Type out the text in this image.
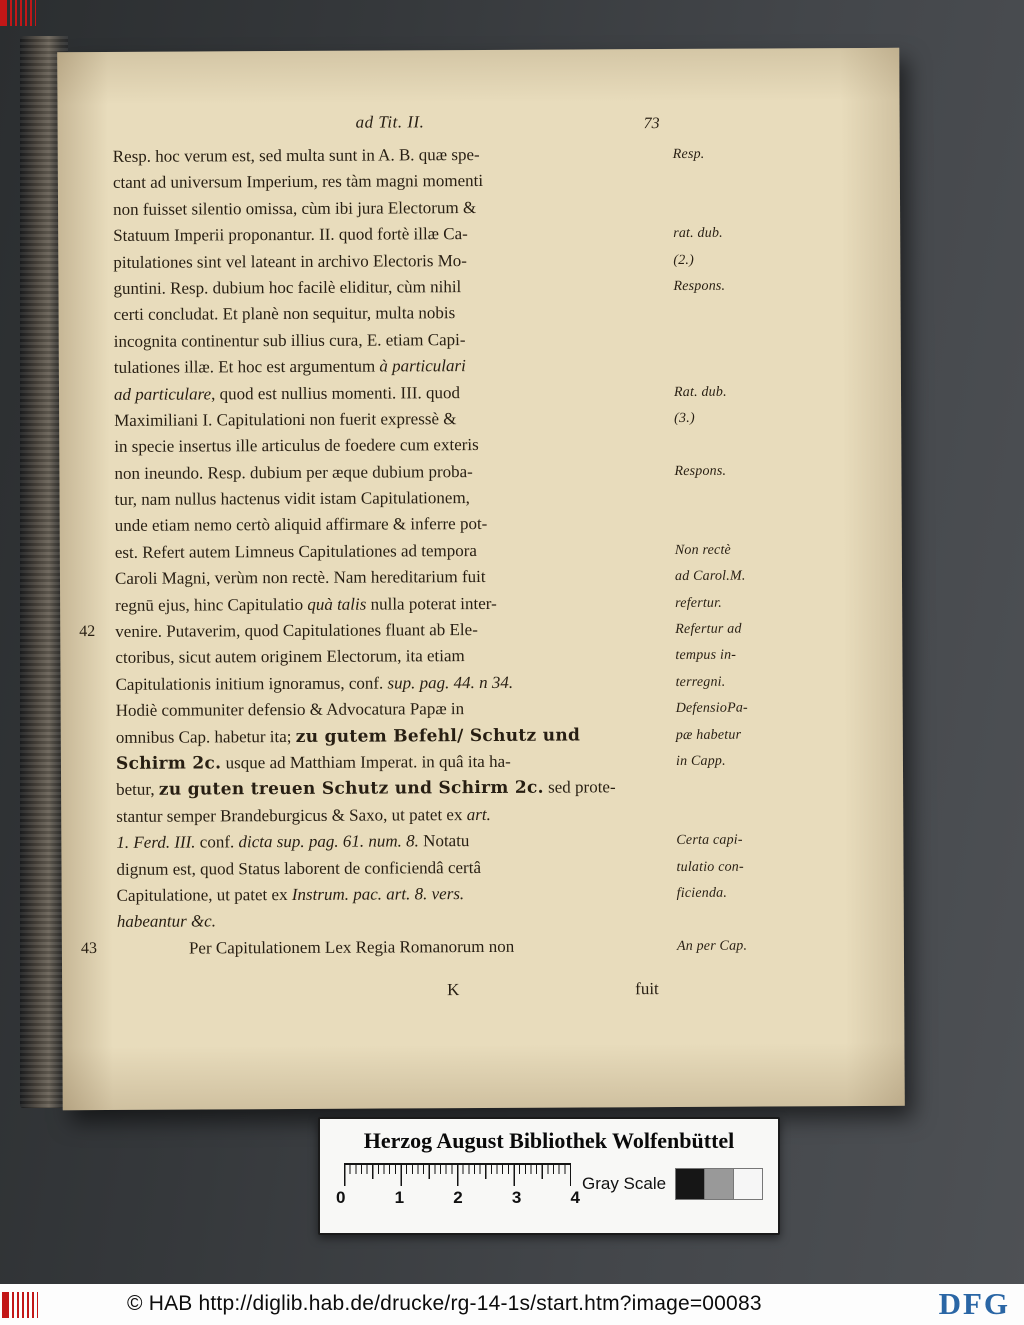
ad Tit. II.	73
Resp. hoc verum est, sed multa sunt in A. B. quæ spe-	Resp.
ctant ad universum Imperium, res tàm magni momenti
non fuisset silentio omissa, cùm ibi jura Electorum &
Statuum Imperii proponantur. II. quod fortè illæ Ca-	rat. dub.
pitulationes sint vel lateant in archivo Electoris Mo-	(2.)
guntini. Resp. dubium hoc facilè eliditur, cùm nihil	Respons.
certi concludat. Et planè non sequitur, multa nobis
incognita continentur sub illius cura, E. etiam Capi-
tulationes illæ. Et hoc est argumentum à particulari
ad particulare, quod est nullius momenti. III. quod	Rat. dub.
Maximiliani I. Capitulationi non fuerit expressè &	(3.)
in specie insertus ille articulus de foedere cum exteris
non ineundo. Resp. dubium per æque dubium proba-	Respons.
tur, nam nullus hactenus vidit istam Capitulationem,
unde etiam nemo certò aliquid affirmare & inferre pot-
est. Refert autem Limneus Capitulationes ad tempora	Non rectè
Caroli Magni, verùm non rectè. Nam hereditarium fuit	ad Carol.M.
regnū ejus, hinc Capitulatio quà talis nulla poterat inter-	refertur.
42 venire. Putaverim, quod Capitulationes fluant ab Ele-	Refertur ad
ctoribus, sicut autem originem Electorum, ita etiam	tempus in-
Capitulationis initium ignoramus, conf. sup. pag. 44. n 34.	terregni.
Hodiè communiter defensio & Advocatura Papæ in	DefensioPa-
omnibus Cap. habetur ita; zu gutem Befehl/ Schutz und	pæ habetur
Schirm 2c. usque ad Matthiam Imperat. in quâ ita ha-	in Capp.
betur, zu guten treuen Schutz und Schirm 2c. sed prote-
stantur semper Brandeburgicus & Saxo, ut patet ex art.
1. Ferd. III. conf. dicta sup. pag. 61. num. 8. Notatu	Certa capi-
dignum est, quod Status laborent de conficiendâ certâ	tulatio con-
Capitulatione, ut patet ex Instrum. pac. art. 8. vers.	ficienda.
habeantur &c.
43	Per Capitulationem Lex Regia Romanorum non	An per Cap.
K	fuit
Herzog August Bibliothek Wolfenbüttel
0	1	2	3	4
Gray Scale
© HAB http://diglib.hab.de/drucke/rg-14-1s/start.htm?image=00083	DFG
